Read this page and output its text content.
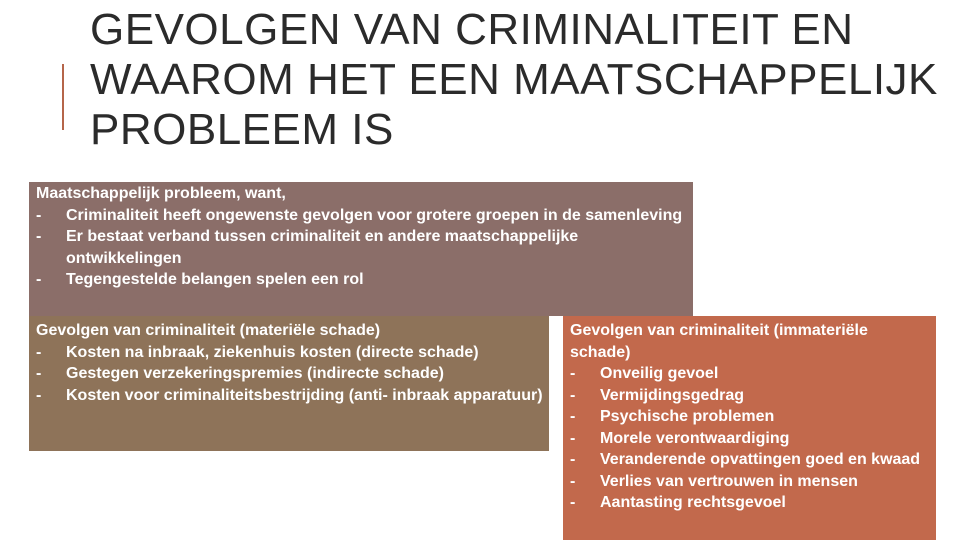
GEVOLGEN VAN CRIMINALITEIT EN WAAROM HET EEN MAATSCHAPPELIJK PROBLEEM IS

Maatschappelijk probleem, want,

- Criminaliteit heeft ongewenste gevolgen voor grotere groepen in de samenleving
- Er bestaat verband tussen criminaliteit en andere maatschappelijke ontwikkelingen
- Tegengestelde belangen spelen een rol

Gevolgen van criminaliteit (materiële schade)

- Kosten na inbraak, ziekenhuis kosten (directe schade)
- Gestegen verzekeringspremies (indirecte schade)
- Kosten voor criminaliteitsbestrijding (anti- inbraak apparatuur)

Gevolgen van criminaliteit (immateriële schade)

- Onveilig gevoel
- Vermijdingsgedrag
- Psychische problemen
- Morele verontwaardiging
- Veranderende opvattingen goed en kwaad
- Verlies van vertrouwen in mensen
- Aantasting rechtsgevoel
